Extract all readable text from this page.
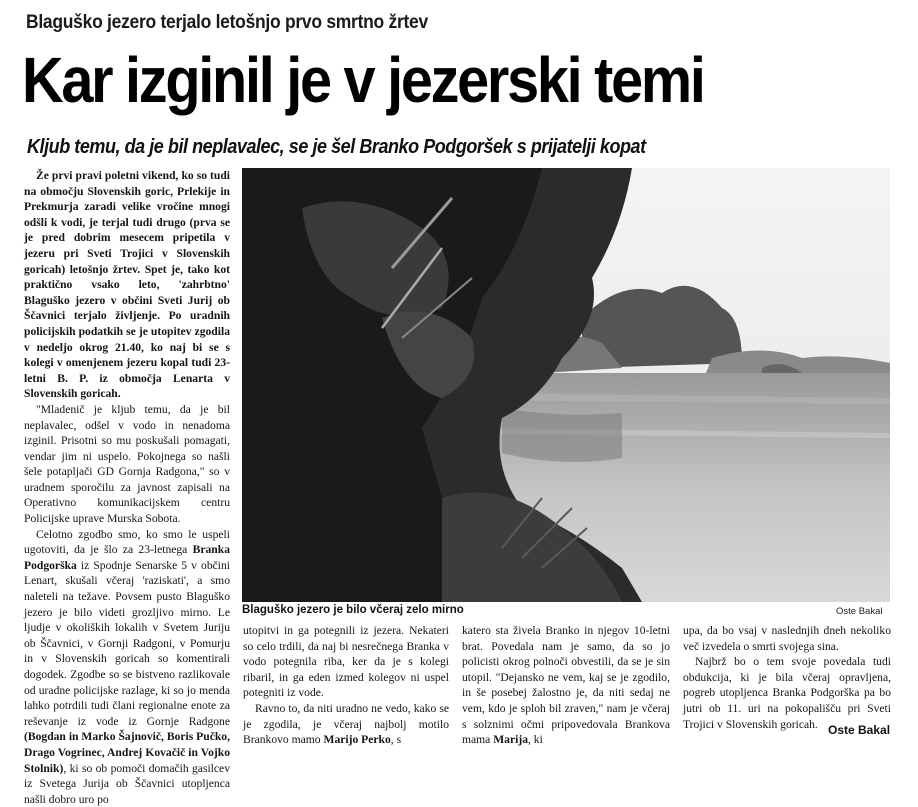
Blaguško jezero terjalo letošnjo prvo smrtno žrtev
Kar izginil je v jezerski temi
Kljub temu, da je bil neplavalec, se je šel Branko Podgoršek s prijatelji kopat

Že prvi pravi poletni vikend, ko so tudi na območju Slovenskih goric, Prlekije in Prekmurja zaradi velike vročine mnogi odšli k vodi, je terjal tudi drugo (prva se je pred dobrim mesecem pripetila v jezeru pri Sveti Trojici v Slovenskih goricah) letošnjo žrtev. Spet je, tako kot praktično vsako leto, 'zahrbtno' Blaguško jezero v občini Sveti Jurij ob Ščavnici terjalo življenje. Po uradnih policijskih podatkih se je utopitev zgodila v nedeljo okrog 21.40, ko naj bi se s kolegi v omenjenem jezeru kopal tudi 23-letni B. P. iz območja Lenarta v Slovenskih goricah.

"Mladenič je kljub temu, da je bil neplavalec, odšel v vodo in nenadoma izginil. Prisotni so mu poskušali pomagati, vendar jim ni uspelo. Pokojnega so našli šele potapljači GD Gornja Radgona," so v uradnem sporočilu za javnost zapisali na Operativno komunikacijskem centru Policijske uprave Murska Sobota.

Celotno zgodbo smo, ko smo le uspeli ugotoviti, da je šlo za 23-letnega Branka Podgorška iz Spodnje Senarske 5 v občini Lenart, skušali včeraj 'raziskati', a smo naleteli na težave. Povsem pusto Blaguško jezero je bilo videti grozljivo mirno. Le ljudje v okoliških lokalih v Svetem Juriju ob Ščavnici, v Gornji Radgoni, v Pomurju in v Slovenskih goricah so komentirali dogodek. Zgodbe so se bistveno razlikovale od uradne policijske razlage, ki so jo menda lahko potrdili tudi člani regionalne enote za reševanje iz vode iz Gornje Radgone (Bogdan in Marko Šajnovič, Boris Pučko, Drago Vogrinec, Andrej Kovačič in Vojko Stolnik), ki so ob pomoči domačih gasilcev iz Svetega Jurija ob Ščavnici utopljenca našli dobro uro po

Blaguško jezero je bilo včeraj zelo mirno	Oste Bakal

utopitvi in ga potegnili iz jezera. Nekateri so celo trdili, da naj bi nesrečnega Branka v vodo potegnila riba, ker da je s kolegi ribaril, in ga eden izmed kolegov ni uspel potegniti iz vode.

Ravno to, da niti uradno ne vedo, kako se je zgodila, je včeraj najbolj motilo Brankovo mamo Marijo Perko, s

katero sta živela Branko in njegov 10-letni brat. Povedala nam je samo, da so jo policisti okrog polnoči obvestili, da se je sin utopil. "Dejansko ne vem, kaj se je zgodilo, in še posebej žalostno je, da niti sedaj ne vem, kdo je sploh bil zraven," nam je včeraj s solznimi očmi pripovedovala Brankova mama Marija, ki

upa, da bo vsaj v naslednjih dneh nekoliko več izvedela o smrti svojega sina.

Najbrž bo o tem svoje povedala tudi obdukcija, ki je bila včeraj opravljena, pogreb utopljenca Branka Podgorška pa bo jutri ob 11. uri na pokopališču pri Sveti Trojici v Slovenskih goricah. Oste Bakal
